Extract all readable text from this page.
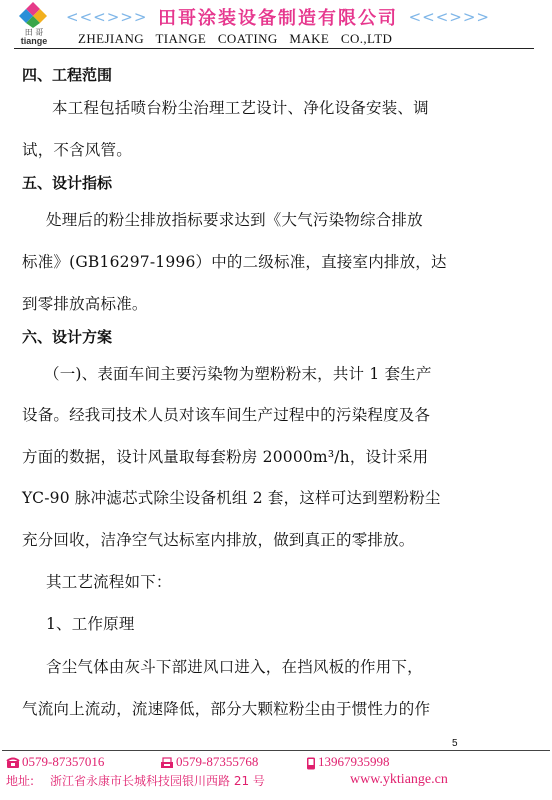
田 哥
tiange
<<<>>> 田哥涂装设备制造有限公司 <<<>>>
ZHEJIANG TIANGE COATING MAKE CO.,LTD
四、工程范围
本工程包括喷台粉尘治理工艺设计、净化设备安装、调
试，不含风管。
五、设计指标
处理后的粉尘排放指标要求达到《大气污染物综合排放
标准》(GB16297-1996）中的二级标准，直接室内排放，达
到零排放高标准。
六、设计方案
（一)、表面车间主要污染物为塑粉粉末，共计 1 套生产
设备。经我司技术人员对该车间生产过程中的污染程度及各
方面的数据，设计风量取每套粉房 20000m³/h，设计采用
YC-90 脉冲滤芯式除尘设备机组 2 套，这样可达到塑粉粉尘
充分回收，洁净空气达标室内排放，做到真正的零排放。
其工艺流程如下：
1、工作原理
含尘气体由灰斗下部进风口进入，在挡风板的作用下，
气流向上流动，流速降低，部分大颗粒粉尘由于惯性力的作
5
0579-87357016	0579-87355768	13967935998
地址: 浙江省永康市长城科技园银川西路 21 号	www.yktiange.cn
